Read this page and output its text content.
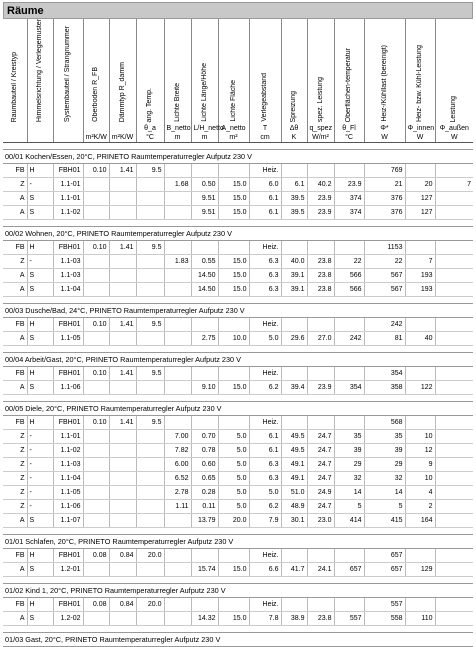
Räume
Raumbauteil / Kreistyp	Himmelsrichtung / Verlegemuster	Systembauteil / Strangnummer	Oberboden R_FB	Dämmtyp R_damm	ang. Temp.	Lichte Breite	Lichte Länge/Höhe	Lichte Fläche	Verlegeabstand	Spreizung	spez. Leistung	Oberflächen-temperatur	Heiz-/Kühllast (bereinigt)	Heiz- bzw. Kühl-Leistung	Leistung

					θ_a	B_netto	L/H_netto	A_netto	T	Δθ	q_spez	θ_Fl	Φ*	Φ_innen	Φ_außen
			m²K/W	m²K/W	°C	m	m	m²	cm	K	W/m²	°C	W	W	W

00/01 Kochen/Essen, 20°C, PRINETO Raumtemperaturregler Aufputz 230 V															
FB	H	FBH01	0.10	1.41	9.5				Heiz.				769		
Z	-	1.1-01				1.68	0.50	15.0	6.0	6.1	40.2	23.9	21	20	7
A	S	1.1-01					9.51	15.0	6.1	39.5	23.9	374	376	127	
A	S	1.1-02					9.51	15.0	6.1	39.5	23.9	374	376	127	

00/02 Wohnen, 20°C, PRINETO Raumtemperaturregler Aufputz 230 V															
FB	H	FBH01	0.10	1.41	9.5				Heiz.				1153		
Z	-	1.1-03				1.83	0.55	15.0	6.3	40.0	23.8	22	22	7	
A	S	1.1-03					14.50	15.0	6.3	39.1	23.8	566	567	193	
A	S	1.1-04					14.50	15.0	6.3	39.1	23.8	566	567	193	

00/03 Dusche/Bad, 24°C, PRINETO Raumtemperaturregler Aufputz 230 V															
FB	H	FBH01	0.10	1.41	9.5				Heiz.				242		
A	S	1.1-05					2.75	10.0	5.0	29.6	27.0	242	81	40	

00/04 Arbeit/Gast, 20°C, PRINETO Raumtemperaturregler Aufputz 230 V															
FB	H	FBH01	0.10	1.41	9.5				Heiz.				354		
A	S	1.1-06					9.10	15.0	6.2	39.4	23.9	354	358	122	

00/05 Diele, 20°C, PRINETO Raumtemperaturregler Aufputz 230 V															
FB	H	FBH01	0.10	1.41	9.5				Heiz.				568		
Z	-	1.1-01				7.00	0.70	5.0	6.1	49.5	24.7	35	35	10	
Z	-	1.1-02				7.82	0.78	5.0	6.1	49.5	24.7	39	39	12	
Z	-	1.1-03				6.00	0.60	5.0	6.3	49.1	24.7	29	29	9	
Z	-	1.1-04				6.52	0.65	5.0	6.3	49.1	24.7	32	32	10	
Z	-	1.1-05				2.78	0.28	5.0	5.0	51.0	24.9	14	14	4	
Z	-	1.1-06				1.11	0.11	5.0	6.2	48.9	24.7	5	5	2	
A	S	1.1-07					13.79	20.0	7.9	30.1	23.0	414	415	164	

01/01 Schlafen, 20°C, PRINETO Raumtemperaturregler Aufputz 230 V															
FB	H	FBH01	0.08	0.84	20.0				Heiz.				657		
A	S	1.2-01					15.74	15.0	6.6	41.7	24.1	657	657	129	

01/02 Kind 1, 20°C, PRINETO Raumtemperaturregler Aufputz 230 V															
FB	H	FBH01	0.08	0.84	20.0				Heiz.				557		
A	S	1.2-02					14.32	15.0	7.8	38.9	23.8	557	558	110	

01/03 Gast, 20°C, PRINETO Raumtemperaturregler Aufputz 230 V															
